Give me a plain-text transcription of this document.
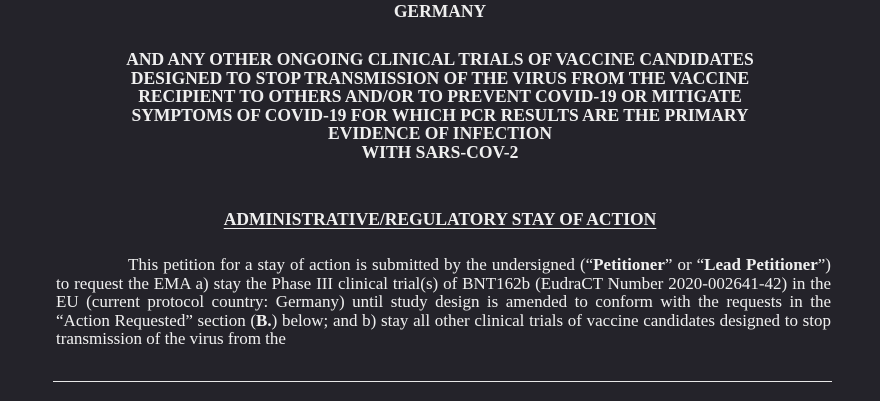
GERMANY

AND ANY OTHER ONGOING CLINICAL TRIALS OF VACCINE CANDIDATES
DESIGNED TO STOP TRANSMISSION OF THE VIRUS FROM THE VACCINE
RECIPIENT TO OTHERS AND/OR TO PREVENT COVID-19 OR MITIGATE
SYMPTOMS OF COVID-19 FOR WHICH PCR RESULTS ARE THE PRIMARY
EVIDENCE OF INFECTION
WITH SARS-COV-2

ADMINISTRATIVE/REGULATORY STAY OF ACTION

This petition for a stay of action is submitted by the undersigned (“Petitioner” or “Lead Petitioner”) to request the EMA a) stay the Phase III clinical trial(s) of BNT162b (EudraCT Number 2020-002641-42) in the EU (current protocol country: Germany) until study design is amended to conform with the requests in the “Action Requested” section (B.) below; and b) stay all other clinical trials of vaccine candidates designed to stop transmission of the virus from the
